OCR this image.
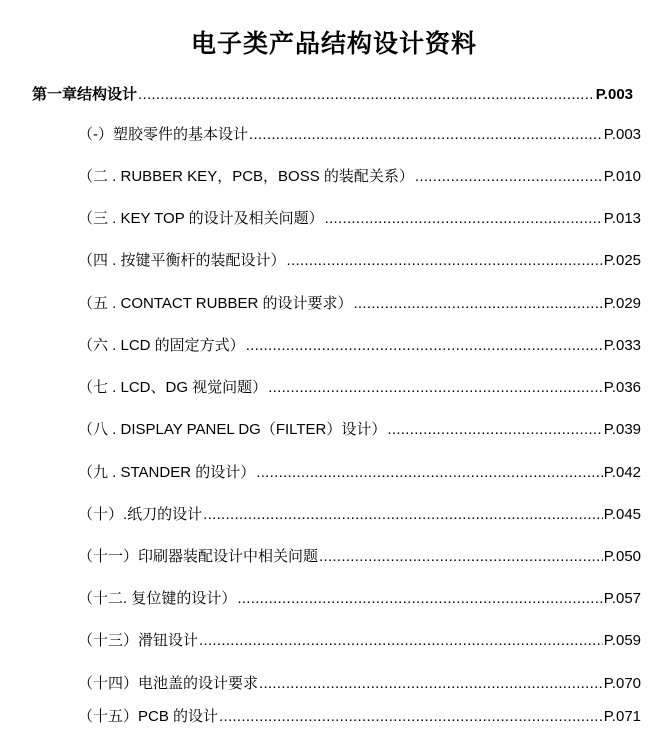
电子类产品结构设计资料
第一章结构设计 .....	P.003
（-）塑胶零件的基本设计 .....	P.003
（二 . RUBBER KEY，PCB，BOSS 的装配关系） .....	P.010
（三 . KEY TOP 的设计及相关问题） .....	P.013
（四 . 按键平衡杆的装配设计） .....	P.025
（五 . CONTACT RUBBER 的设计要求） .....	P.029
（六 . LCD 的固定方式） .....	P.033
（七 . LCD、DG 视觉问题） .....	P.036
（八 . DISPLAY PANEL DG（FILTER）设计） .....	P.039
（九 . STANDER 的设计） .....	P.042
（十）.纸刀的设计 .....	P.045
（十一）印刷器装配设计中相关问题 .....	P.050
（十二. 复位键的设计） .....	P.057
（十三）滑钮设计 .....	P.059
（十四）电池盖的设计要求 .....	P.070
（十五）PCB 的设计 .....	P.071
